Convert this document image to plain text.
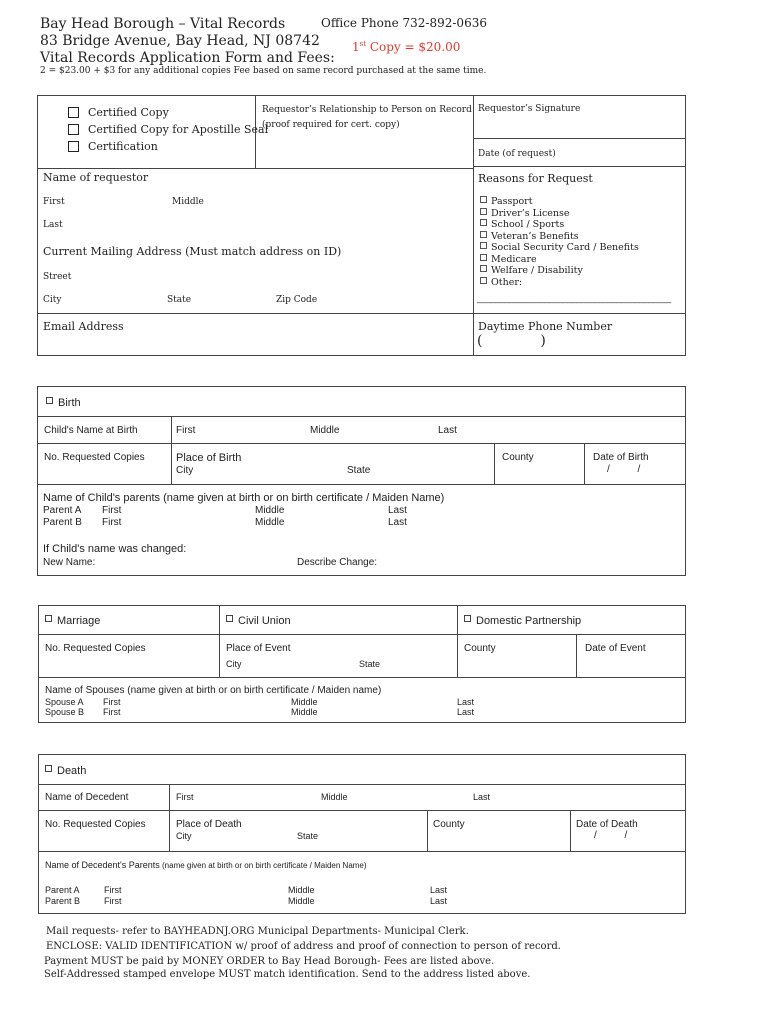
Bay Head Borough – Vital Records
83 Bridge Avenue, Bay Head, NJ 08742
Vital Records Application Form and Fees:
Office Phone 732-892-0636
1st Copy = $20.00
2 = $23.00 + $3 for any additional copies Fee based on same record purchased at the same time.
Certified Copy
Certified Copy for Apostille Seal
Certification
Requestor’s Relationship to Person on Record
(proof required for cert. copy)
Requestor’s Signature
Date (of request)
Name of requestor
First	Middle
Last
Current Mailing Address (Must match address on ID)
Street
City	State	Zip Code
Reasons for Request
Passport
Driver’s License
School / Sports
Veteran’s Benefits
Social Security Card / Benefits
Medicare
Welfare / Disability
Other:
___________________________________________
Email Address	Daytime Phone Number
(             )
Birth
Child's Name at Birth	First	Middle	Last
No. Requested Copies	Place of Birth
City	State
County	Date of Birth
/          /
Name of Child's parents (name given at birth or on birth certificate / Maiden Name)
Parent A First	Middle	Last
Parent B First	Middle	Last
If Child's name was changed:
New Name:	Describe Change:
Marriage	Civil Union	Domestic Partnership
No. Requested Copies	Place of Event
City	State
County	Date of Event
Name of Spouses (name given at birth or on birth certificate / Maiden name)
Spouse A First	Middle	Last
Spouse B First	Middle	Last
Death
Name of Decedent	First	Middle	Last
No. Requested Copies	Place of Death
City	State
County	Date of Death
/          /
Name of Decedent's Parents (name given at birth or on birth certificate / Maiden Name)
Parent A	First	Middle	Last
Parent B	First	Middle	Last
Mail requests- refer to BAYHEADNJ.ORG Municipal Departments- Municipal Clerk.
ENCLOSE: VALID IDENTIFICATION w/ proof of address and proof of connection to person of record.
Payment MUST be paid by MONEY ORDER to Bay Head Borough- Fees are listed above.
Self-Addressed stamped envelope MUST match identification. Send to the address listed above.
